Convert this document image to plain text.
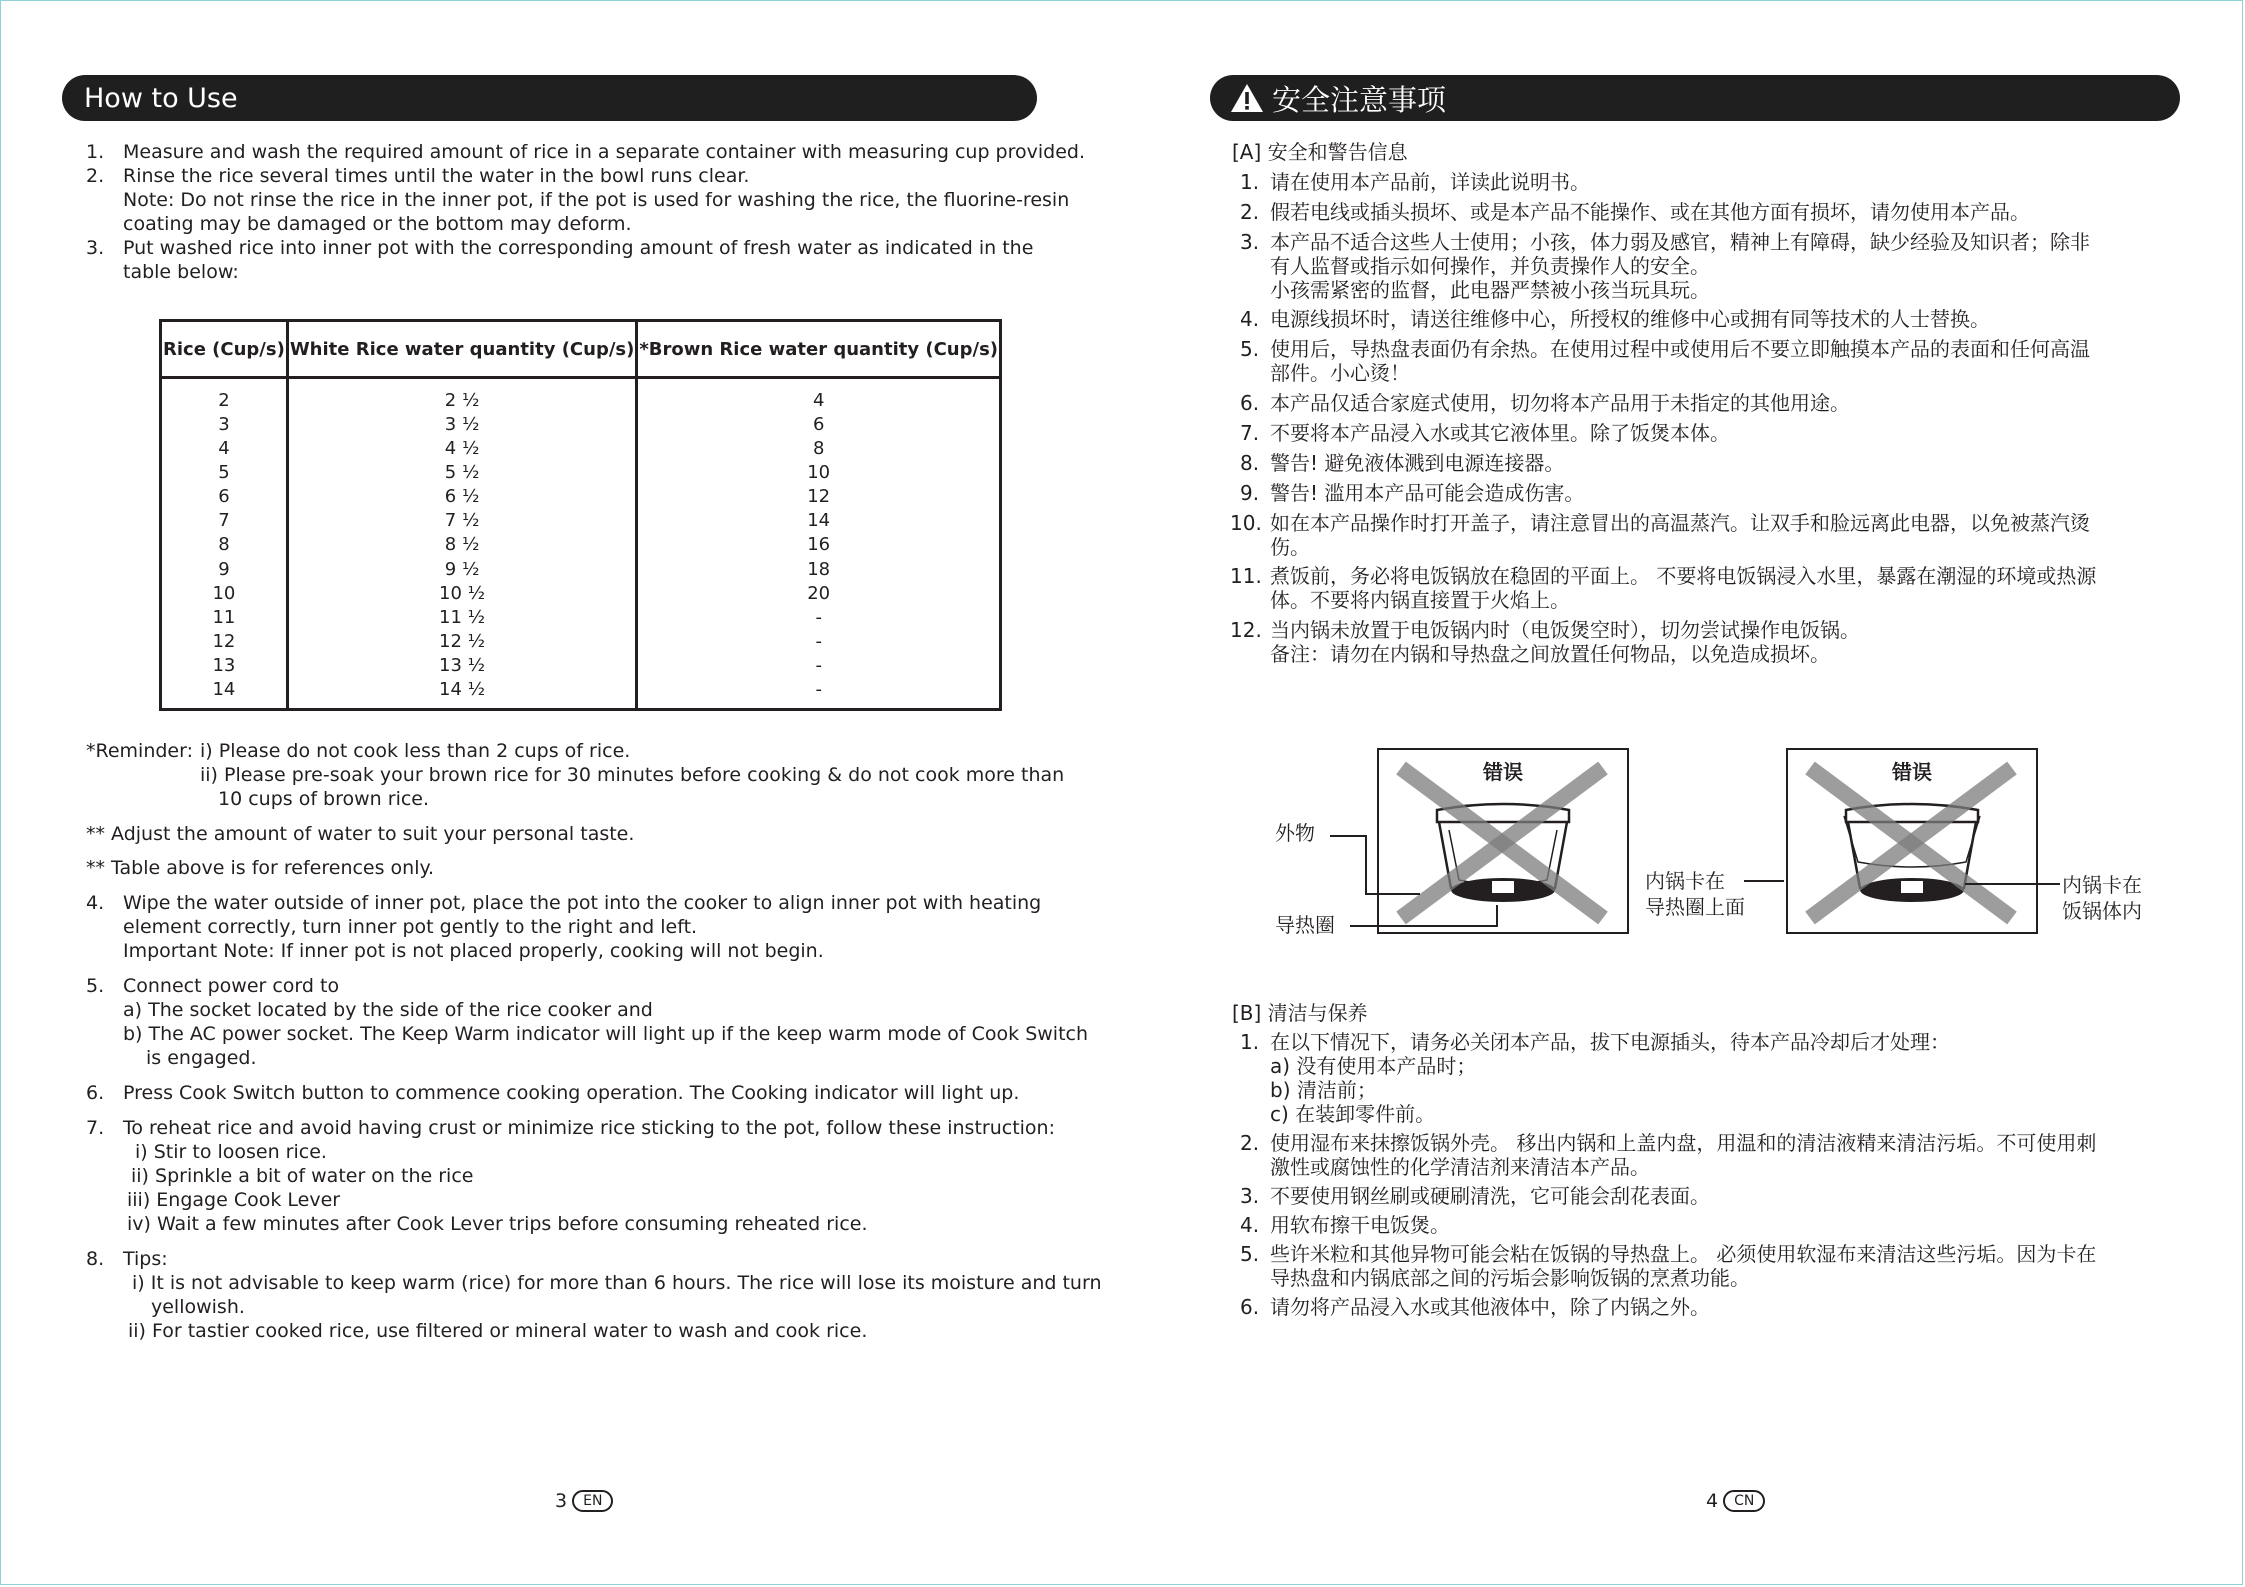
How to Use
1. Measure and wash the required amount of rice in a separate container with measuring cup provided.
2. Rinse the rice several times until the water in the bowl runs clear.
Note: Do not rinse the rice in the inner pot, if the pot is used for washing the rice, the fluorine-resin
coating may be damaged or the bottom may deform.
3. Put washed rice into inner pot with the corresponding amount of fresh water as indicated in the
table below:
Rice (Cup/s)	White Rice water quantity (Cup/s)	*Brown Rice water quantity (Cup/s)
2	2 ½	4
3	3 ½	6
4	4 ½	8
5	5 ½	10
6	6 ½	12
7	7 ½	14
8	8 ½	16
9	9 ½	18
10	10 ½	20
11	11 ½	-
12	12 ½	-
13	13 ½	-
14	14 ½	-
*Reminder: i) Please do not cook less than 2 cups of rice.
ii) Please pre-soak your brown rice for 30 minutes before cooking & do not cook more than
10 cups of brown rice.
** Adjust the amount of water to suit your personal taste.
** Table above is for references only.
4. Wipe the water outside of inner pot, place the pot into the cooker to align inner pot with heating
element correctly, turn inner pot gently to the right and left.
Important Note: If inner pot is not placed properly, cooking will not begin.
5. Connect power cord to
a) The socket located by the side of the rice cooker and
b) The AC power socket. The Keep Warm indicator will light up if the keep warm mode of Cook Switch
is engaged.
6. Press Cook Switch button to commence cooking operation. The Cooking indicator will light up.
7. To reheat rice and avoid having crust or minimize rice sticking to the pot, follow these instruction:
i) Stir to loosen rice.
ii) Sprinkle a bit of water on the rice
iii) Engage Cook Lever
iv) Wait a few minutes after Cook Lever trips before consuming reheated rice.
8. Tips:
i) It is not advisable to keep warm (rice) for more than 6 hours. The rice will lose its moisture and turn
yellowish.
ii) For tastier cooked rice, use filtered or mineral water to wash and cook rice.
3	EN
安全注意事项
[A] 安全和警告信息
1. 请在使用本产品前，详读此说明书。
2. 假若电线或插头损坏、或是本产品不能操作、或在其他方面有损坏，请勿使用本产品。
3. 本产品不适合这些人士使用；小孩，体力弱及感官，精神上有障碍，缺少经验及知识者；除非
有人监督或指示如何操作，并负责操作人的安全。
小孩需紧密的监督，此电器严禁被小孩当玩具玩。
4. 电源线损坏时，请送往维修中心，所授权的维修中心或拥有同等技术的人士替换。
5. 使用后，导热盘表面仍有余热。在使用过程中或使用后不要立即触摸本产品的表面和任何高温
部件。小心烫！
6. 本产品仅适合家庭式使用，切勿将本产品用于未指定的其他用途。
7. 不要将本产品浸入水或其它液体里。除了饭煲本体。
8. 警告! 避免液体溅到电源连接器。
9. 警告! 滥用本产品可能会造成伤害。
10. 如在本产品操作时打开盖子，请注意冒出的高温蒸汽。让双手和脸远离此电器，以免被蒸汽烫
伤。
11. 煮饭前，务必将电饭锅放在稳固的平面上。 不要将电饭锅浸入水里，暴露在潮湿的环境或热源
体。不要将内锅直接置于火焰上。
12. 当内锅未放置于电饭锅内时（电饭煲空时），切勿尝试操作电饭锅。
备注：请勿在内锅和导热盘之间放置任何物品，以免造成损坏。
错误
外物
导热圈
内锅卡在
导热圈上面
错误
内锅卡在
饭锅体内
[B] 清洁与保养
1. 在以下情况下，请务必关闭本产品，拔下电源插头，待本产品冷却后才处理：
a) 没有使用本产品时；
b) 清洁前；
c) 在装卸零件前。
2. 使用湿布来抹擦饭锅外壳。 移出内锅和上盖内盘，用温和的清洁液精来清洁污垢。不可使用刺
激性或腐蚀性的化学清洁剂来清洁本产品。
3. 不要使用钢丝刷或硬刷清洗，它可能会刮花表面。
4. 用软布擦干电饭煲。
5. 些许米粒和其他异物可能会粘在饭锅的导热盘上。 必须使用软湿布来清洁这些污垢。因为卡在
导热盘和内锅底部之间的污垢会影响饭锅的烹煮功能。
6. 请勿将产品浸入水或其他液体中，除了内锅之外。
4	CN
